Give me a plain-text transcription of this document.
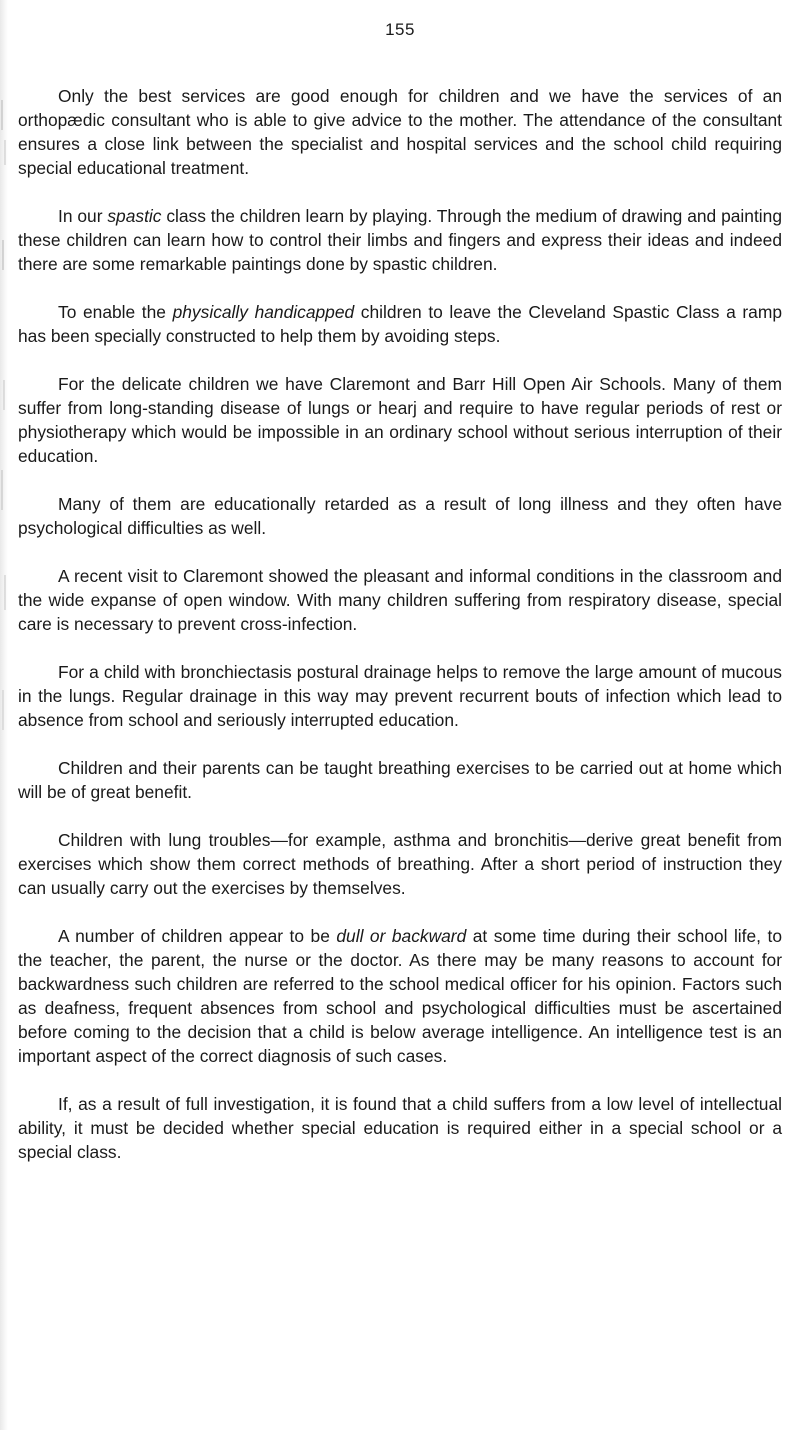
155

Only the best services are good enough for children and we have the services of an orthopædic consultant who is able to give advice to the mother. The attendance of the consultant ensures a close link between the specialist and hospital services and the school child requiring special educational treatment.

In our spastic class the children learn by playing. Through the medium of drawing and painting these children can learn how to control their limbs and fingers and express their ideas and indeed there are some remarkable paintings done by spastic children.

To enable the physically handicapped children to leave the Cleveland Spastic Class a ramp has been specially constructed to help them by avoiding steps.

For the delicate children we have Claremont and Barr Hill Open Air Schools. Many of them suffer from long-standing disease of lungs or hearj and require to have regular periods of rest or physiotherapy which would be impossible in an ordinary school without serious interruption of their education.

Many of them are educationally retarded as a result of long illness and they often have psychological difficulties as well.

A recent visit to Claremont showed the pleasant and informal conditions in the classroom and the wide expanse of open window. With many children suffering from respiratory disease, special care is necessary to prevent cross-infection.

For a child with bronchiectasis postural drainage helps to remove the large amount of mucous in the lungs. Regular drainage in this way may prevent recurrent bouts of infection which lead to absence from school and seriously interrupted education.

Children and their parents can be taught breathing exercises to be carried out at home which will be of great benefit.

Children with lung troubles—for example, asthma and bronchitis—derive great benefit from exercises which show them correct methods of breathing. After a short period of instruction they can usually carry out the exercises by themselves.

A number of children appear to be dull or backward at some time during their school life, to the teacher, the parent, the nurse or the doctor. As there may be many reasons to account for backwardness such children are referred to the school medical officer for his opinion. Factors such as deafness, frequent absences from school and psychological difficulties must be ascertained before coming to the decision that a child is below average intelligence. An intelligence test is an important aspect of the correct diagnosis of such cases.

If, as a result of full investigation, it is found that a child suffers from a low level of intellectual ability, it must be decided whether special education is required either in a special school or a special class.
